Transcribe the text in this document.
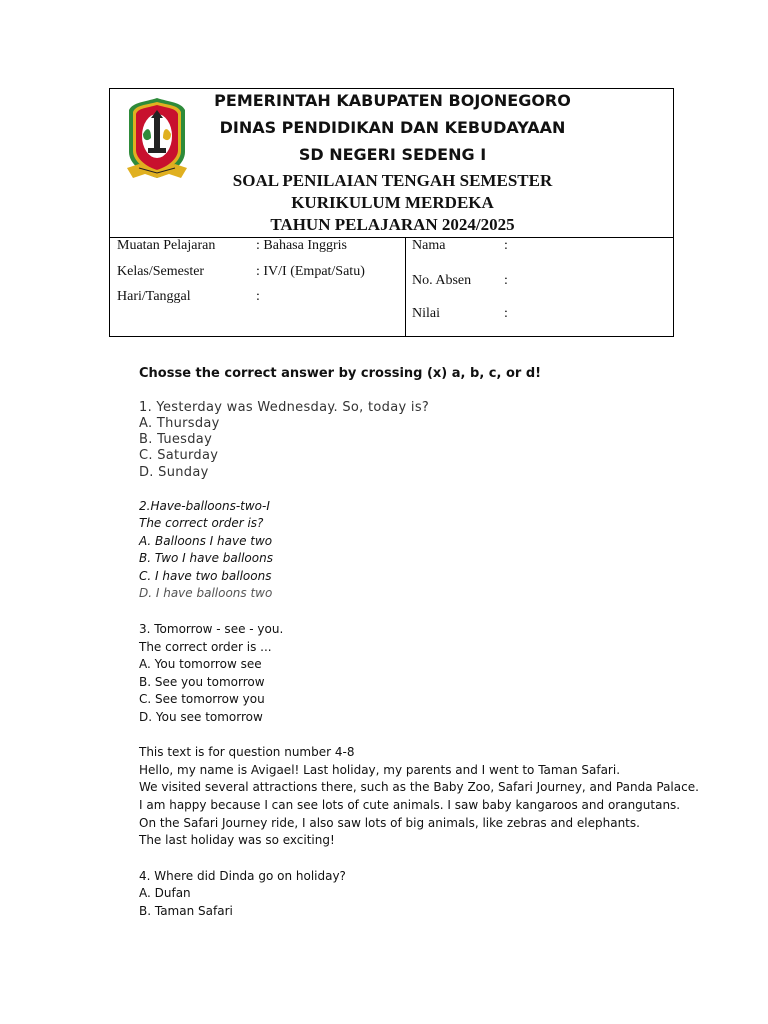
PEMERINTAH KABUPATEN BOJONEGORO
DINAS PENDIDIKAN DAN KEBUDAYAAN
SD NEGERI SEDENG I
SOAL PENILAIAN TENGAH SEMESTER
KURIKULUM MERDEKA
TAHUN PELAJARAN 2024/2025
Muatan Pelajaran	: Bahasa Inggris
Kelas/Semester	: IV/I (Empat/Satu)
Hari/Tanggal	:
Nama	:
No. Absen :
Nilai	:
Chosse the correct answer by crossing (x) a, b, c, or d!
1. Yesterday was Wednesday. So, today is?
A. Thursday
B. Tuesday
C. Saturday
D. Sunday
2.Have-balloons-two-I
The correct order is?
A. Balloons I have two
B. Two I have balloons
C. I have two balloons
D. I have balloons two
3. Tomorrow - see - you.
The correct order is ...
A. You tomorrow see
B. See you tomorrow
C. See tomorrow you
D. You see tomorrow
This text is for question number 4-8
Hello, my name is Avigael! Last holiday, my parents and I went to Taman Safari.
We visited several attractions there, such as the Baby Zoo, Safari Journey, and Panda Palace.
I am happy because I can see lots of cute animals. I saw baby kangaroos and orangutans.
On the Safari Journey ride, I also saw lots of big animals, like zebras and elephants.
The last holiday was so exciting!
4. Where did Dinda go on holiday?
A. Dufan
B. Taman Safari
